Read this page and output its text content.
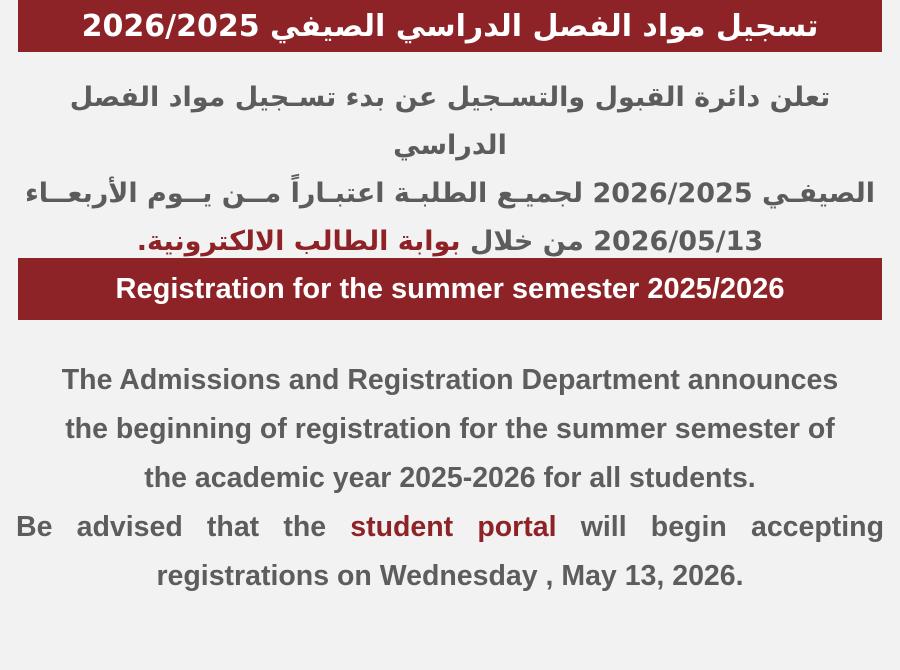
تسجيل مواد الفصل الدراسي الصيفي 2026/2025
تعلن دائرة القبول والتسـجيل عن بدء تسـجيل مواد الفصل الدراسي
الصيفـي 2026/2025 لجميـع الطلبـة اعتبـاراً مــن يــوم الأربعــاء
2026/05/13 من خلال بوابة الطالب الالكترونية.
Registration for the summer semester 2025/2026
The Admissions and Registration Department announces
the beginning of registration for the summer semester of
the academic year 2025-2026 for all students.
Be advised that the student portal will begin accepting
registrations on Wednesday , May 13, 2026.
